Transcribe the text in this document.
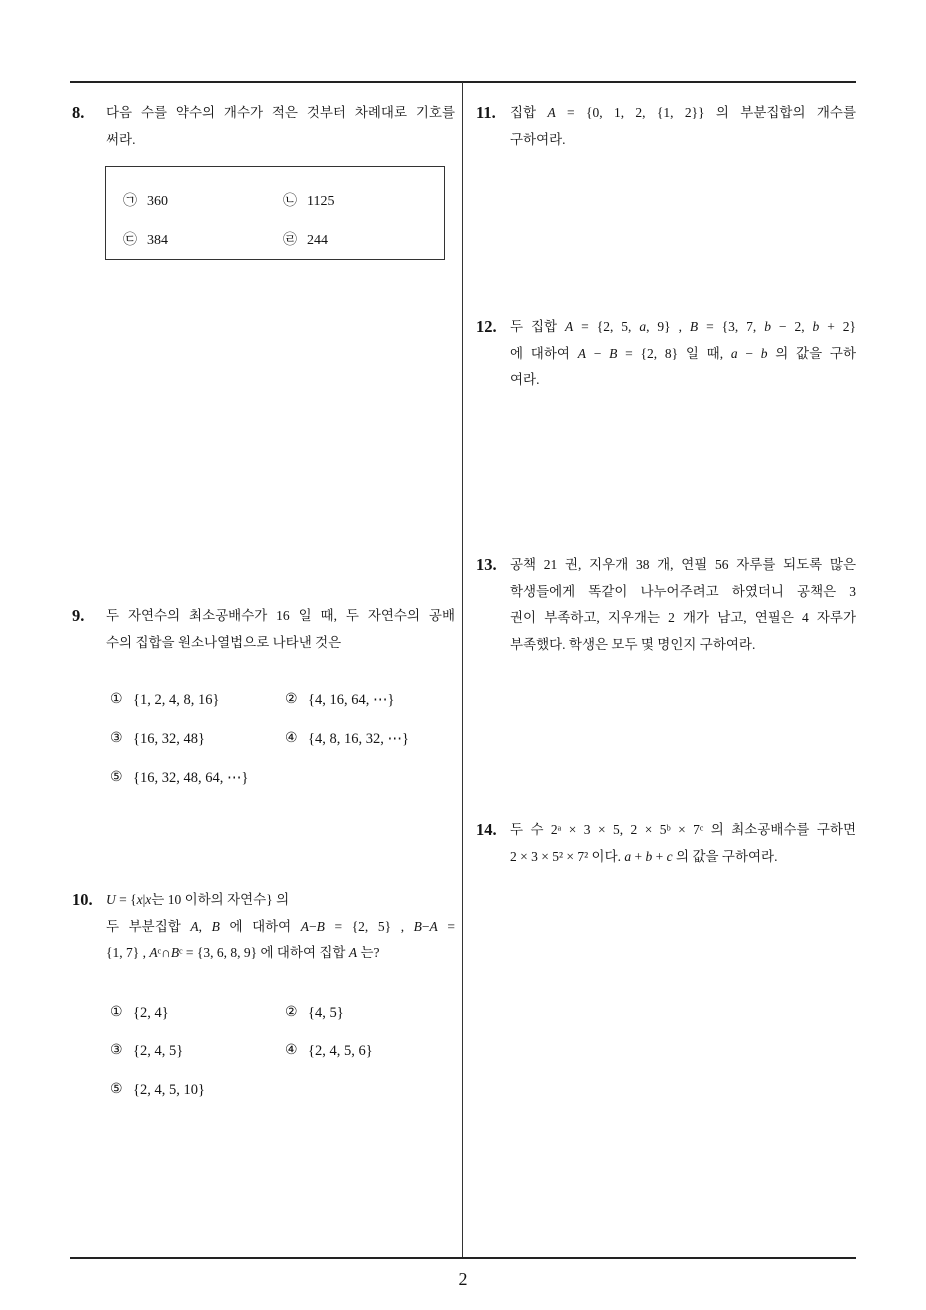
8. 다음 수를 약수의 개수가 적은 것부터 차례대로 기호를
써라.
㉠ 360	㉡ 1125
㉢ 384	㉣ 244
9. 두 자연수의 최소공배수가 16 일 때, 두 자연수의 공배
수의 집합을 원소나열법으로 나타낸 것은
① {1, 2, 4, 8, 16}	② {4, 16, 64, ⋯}
③ {16, 32, 48}	④ {4, 8, 16, 32, ⋯}
⑤ {16, 32, 48, 64, ⋯}
10. U = {x|x는 10 이하의 자연수} 의
두 부분집합 A, B 에 대하여 A−B = {2, 5} , B−A =
{1, 7} , Aᶜ∩Bᶜ = {3, 6, 8, 9} 에 대하여 집합 A 는?
① {2, 4}	② {4, 5}
③ {2, 4, 5}	④ {2, 4, 5, 6}
⑤ {2, 4, 5, 10}
11. 집합 A = {0, 1, 2, {1, 2}} 의 부분집합의 개수를
구하여라.
12. 두 집합 A = {2, 5, a, 9} , B = {3, 7, b − 2, b + 2}
에 대하여 A − B = {2, 8} 일 때, a − b 의 값을 구하
여라.
13. 공책 21 권, 지우개 38 개, 연필 56 자루를 되도록 많은
학생들에게 똑같이 나누어주려고 하였더니 공책은 3
권이 부족하고, 지우개는 2 개가 남고, 연필은 4 자루가
부족했다. 학생은 모두 몇 명인지 구하여라.
14. 두 수 2ᵃ × 3 × 5, 2 × 5ᵇ × 7ᶜ 의 최소공배수를 구하면
2 × 3 × 5² × 7² 이다. a + b + c 의 값을 구하여라.
2
